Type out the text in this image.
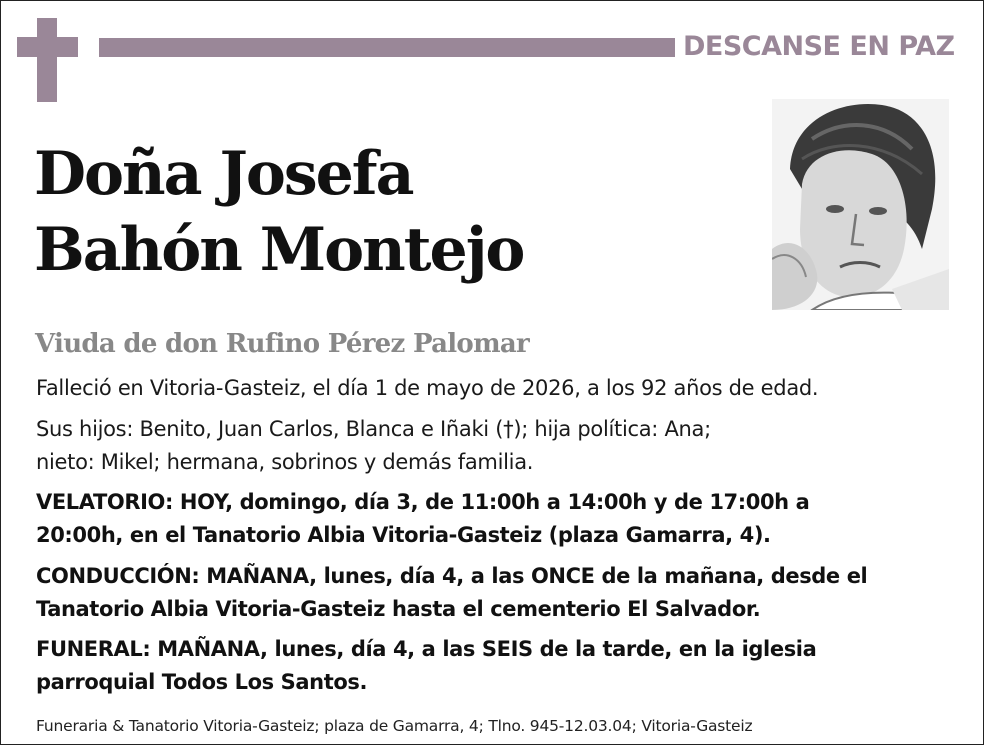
DESCANSE EN PAZ
Doña Josefa
Bahón Montejo
Viuda de don Rufino Pérez Palomar
Falleció en Vitoria-Gasteiz, el día 1 de mayo de 2026, a los 92 años de edad.
Sus hijos: Benito, Juan Carlos, Blanca e Iñaki (†); hija política: Ana;
nieto: Mikel; hermana, sobrinos y demás familia.
VELATORIO: HOY, domingo, día 3, de 11:00h a 14:00h y de 17:00h a
20:00h, en el Tanatorio Albia Vitoria-Gasteiz (plaza Gamarra, 4).
CONDUCCIÓN: MAÑANA, lunes, día 4, a las ONCE de la mañana, desde el
Tanatorio Albia Vitoria-Gasteiz hasta el cementerio El Salvador.
FUNERAL: MAÑANA, lunes, día 4, a las SEIS de la tarde, en la iglesia
parroquial Todos Los Santos.
Funeraria & Tanatorio Vitoria-Gasteiz; plaza de Gamarra, 4; Tlno. 945-12.03.04; Vitoria-Gasteiz
